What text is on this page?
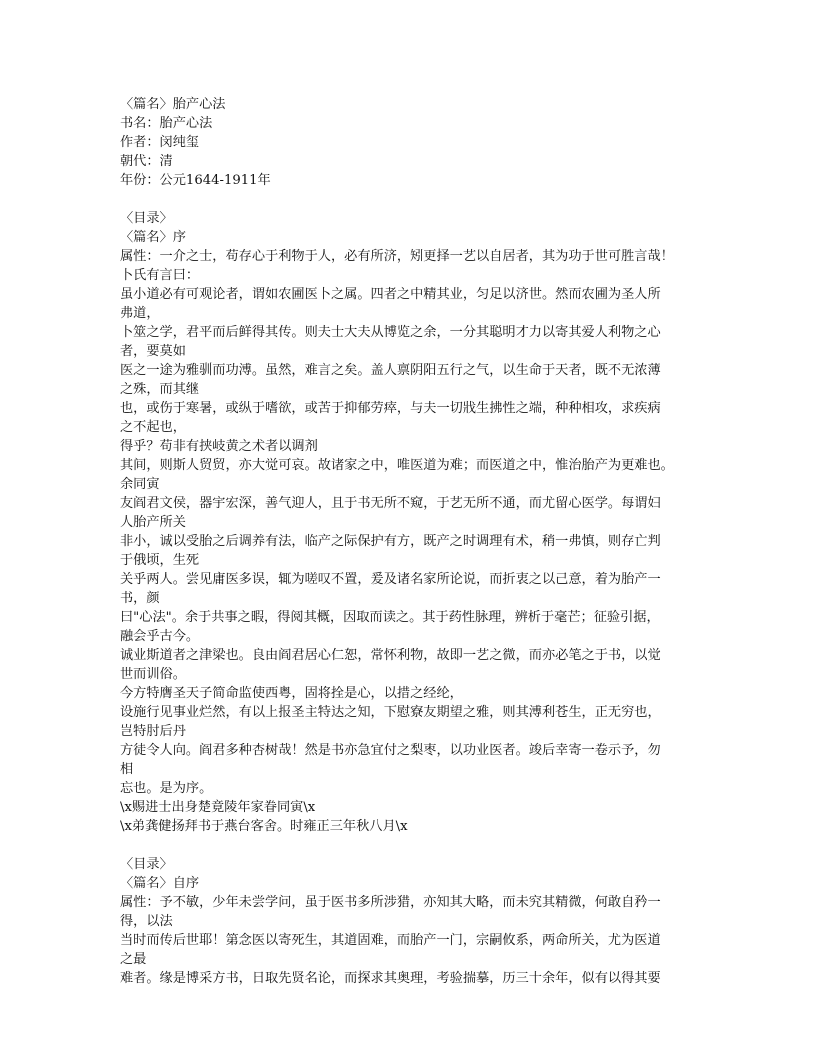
〈篇名〉胎产心法
书名：胎产心法
作者：闵纯玺
朝代：清
年份：公元1644-1911年
〈目录〉
〈篇名〉序
属性：一介之士，苟存心于利物于人，必有所济，矧更择一艺以自居者，其为功于世可胜言哉！
卜氏有言曰：
虽小道必有可观论者，谓如农圃医卜之属。四者之中精其业，匀足以济世。然而农圃为圣人所
弗道，
卜筮之学，君平而后鲜得其传。则夫士大夫从博览之余，一分其聪明才力以寄其爱人利物之心
者，要莫如
医之一途为雅驯而功溥。虽然，难言之矣。盖人禀阴阳五行之气，以生命于天者，既不无浓薄
之殊，而其继
也，或伤于寒暑，或纵于嗜欲，或苦于抑郁劳瘁，与夫一切戕生拂性之端，种种相攻，求疾病
之不起也，
得乎？苟非有挟岐黄之术者以调剂
其间，则斯人贸贸，亦大觉可哀。故诸家之中，唯医道为难；而医道之中，惟治胎产为更难也。
余同寅
友阎君文侯，器宇宏深，善气迎人，且于书无所不窥，于艺无所不通，而尤留心医学。每谓妇
人胎产所关
非小，诚以受胎之后调养有法，临产之际保护有方，既产之时调理有术，稍一弗慎，则存亡判
于俄顷，生死
关乎两人。尝见庸医多误，辄为嗟叹不置，爰及诸名家所论说，而折衷之以己意，着为胎产一
书，颜
曰"心法"。余于共事之暇，得阅其概，因取而读之。其于药性脉理，辨析于毫芒；征验引据，
融会乎古今。
诚业斯道者之津梁也。良由阎君居心仁恕，常怀利物，故即一艺之微，而亦必笔之于书，以觉
世而训俗。
今方特膺圣天子简命监使西粤，固将拴是心，以措之经纶，
设施行见事业烂然，有以上报圣主特达之知，下慰寮友期望之雅，则其溥利苍生，正无穷也，
岂特肘后丹
方徒令人向。阎君多种杏树哉！然是书亦急宜付之梨枣，以功业医者。竣后幸寄一卷示予，勿
相
忘也。是为序。
\x赐进士出身楚竟陵年家眷同寅\x
\x弟龚健扬拜书于燕台客舍。时雍正三年秋八月\x
〈目录〉
〈篇名〉自序
属性：予不敏，少年未尝学问，虽于医书多所涉猎，亦知其大略，而未究其精微，何敢自矜一
得，以法
当时而传后世耶！第念医以寄死生，其道固难，而胎产一门，宗嗣攸系，两命所关，尤为医道
之最
难者。缘是博采方书，日取先贤名论，而探求其奥理，考验揣摹，历三十余年，似有以得其要
